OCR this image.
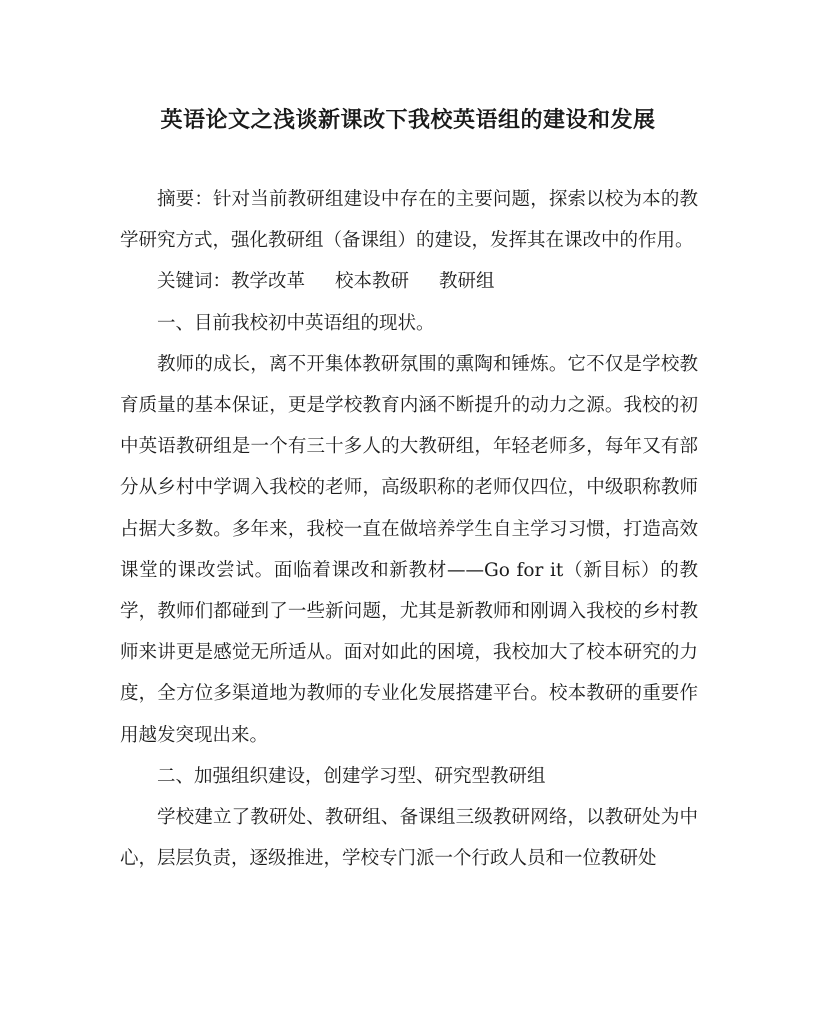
英语论文之浅谈新课改下我校英语组的建设和发展

摘要：针对当前教研组建设中存在的主要问题，探索以校为本的教学研究方式，强化教研组（备课组）的建设，发挥其在课改中的作用。

关键词：教学改革 校本教研 教研组

一、目前我校初中英语组的现状。

教师的成长，离不开集体教研氛围的熏陶和锤炼。它不仅是学校教育质量的基本保证，更是学校教育内涵不断提升的动力之源。我校的初中英语教研组是一个有三十多人的大教研组，年轻老师多，每年又有部分从乡村中学调入我校的老师，高级职称的老师仅四位，中级职称教师占据大多数。多年来，我校一直在做培养学生自主学习习惯，打造高效课堂的课改尝试。面临着课改和新教材——Go for it（新目标）的教学，教师们都碰到了一些新问题，尤其是新教师和刚调入我校的乡村教师来讲更是感觉无所适从。面对如此的困境，我校加大了校本研究的力度，全方位多渠道地为教师的专业化发展搭建平台。校本教研的重要作用越发突现出来。

二、加强组织建设，创建学习型、研究型教研组

学校建立了教研处、教研组、备课组三级教研网络，以教研处为中心，层层负责，逐级推进，学校专门派一个行政人员和一位教研处
